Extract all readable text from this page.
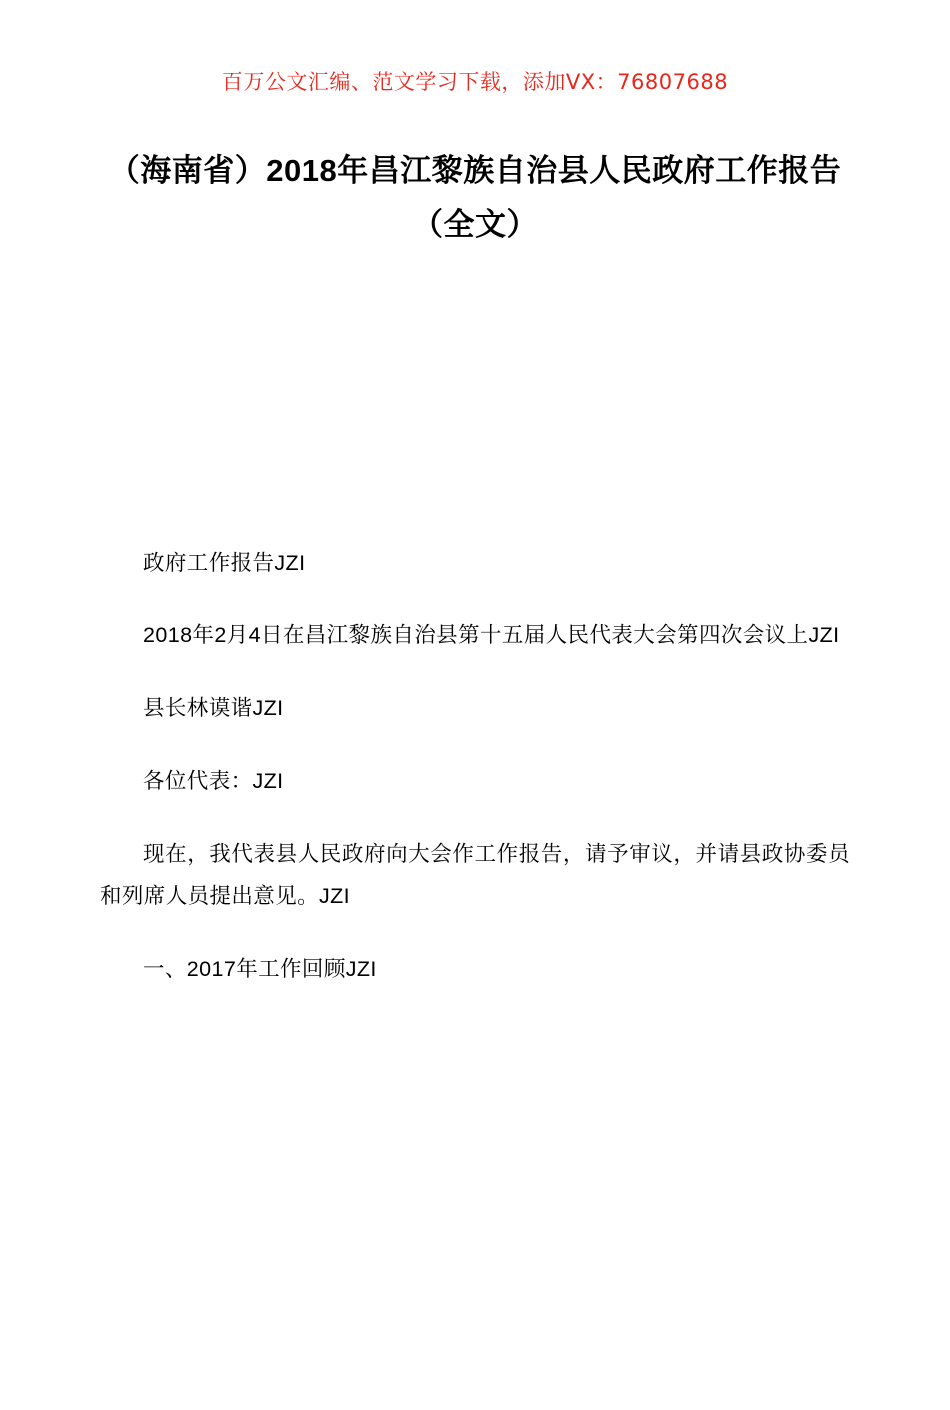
百万公文汇编、范文学习下载，添加VX：76807688
（海南省）2018年昌江黎族自治县人民政府工作报告（全文）

政府工作报告JZI

2018年2月4日在昌江黎族自治县第十五届人民代表大会第四次会议上JZI

县长林谟谐JZI

各位代表：JZI

现在，我代表县人民政府向大会作工作报告，请予审议，并请县政协委员和列席人员提出意见。JZI

一、2017年工作回顾JZI
